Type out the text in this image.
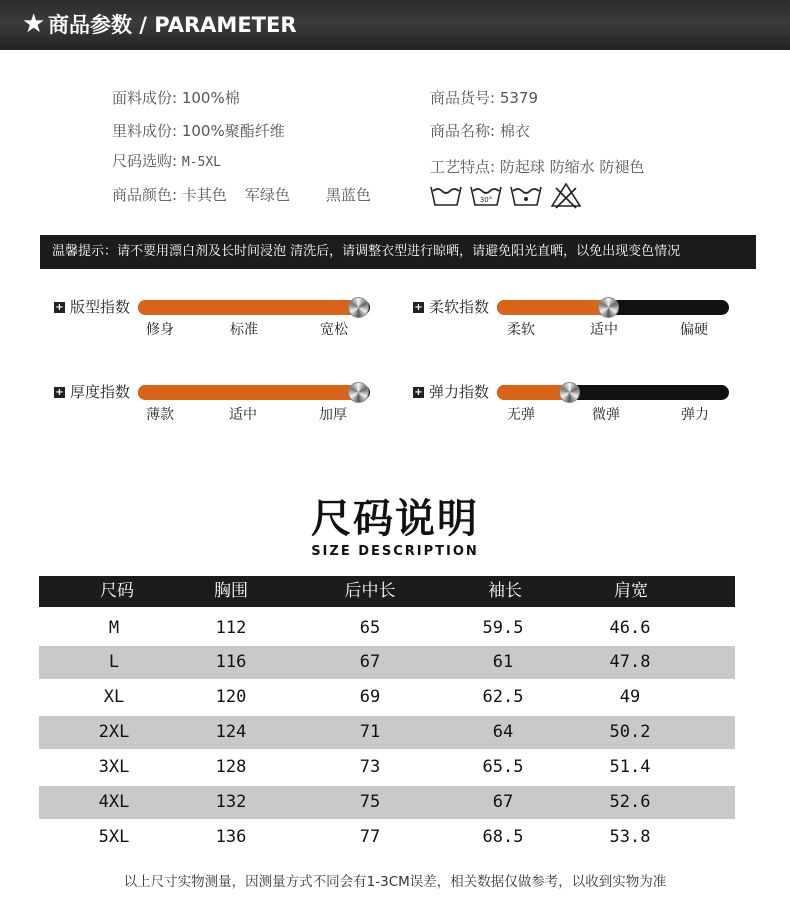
★ 商品参数 / PARAMETER
面料成份: 100%棉
里料成份: 100%聚酯纤维
尺码选购: M-5XL
商品颜色: 卡其色 军绿色 黑蓝色
商品货号: 5379
商品名称: 棉衣
工艺特点: 防起球 防缩水 防褪色
30°
温馨提示：请不要用漂白剂及长时间浸泡 清洗后，请调整衣型进行晾晒，请避免阳光直晒，以免出现变色情况
+ 版型指数
修身	标准	宽松
+ 柔软指数
柔软	适中	偏硬
+ 厚度指数
薄款	适中	加厚
+ 弹力指数
无弹	微弹	弹力
尺码说明
SIZE DESCRIPTION
尺码	胸围	后中长	袖长	肩宽
M	112	65	59.5	46.6
L	116	67	61	47.8
XL	120	69	62.5	49
2XL	124	71	64	50.2
3XL	128	73	65.5	51.4
4XL	132	75	67	52.6
5XL	136	77	68.5	53.8
以上尺寸实物测量，因测量方式不同会有1-3CM误差，相关数据仅做参考，以收到实物为准
